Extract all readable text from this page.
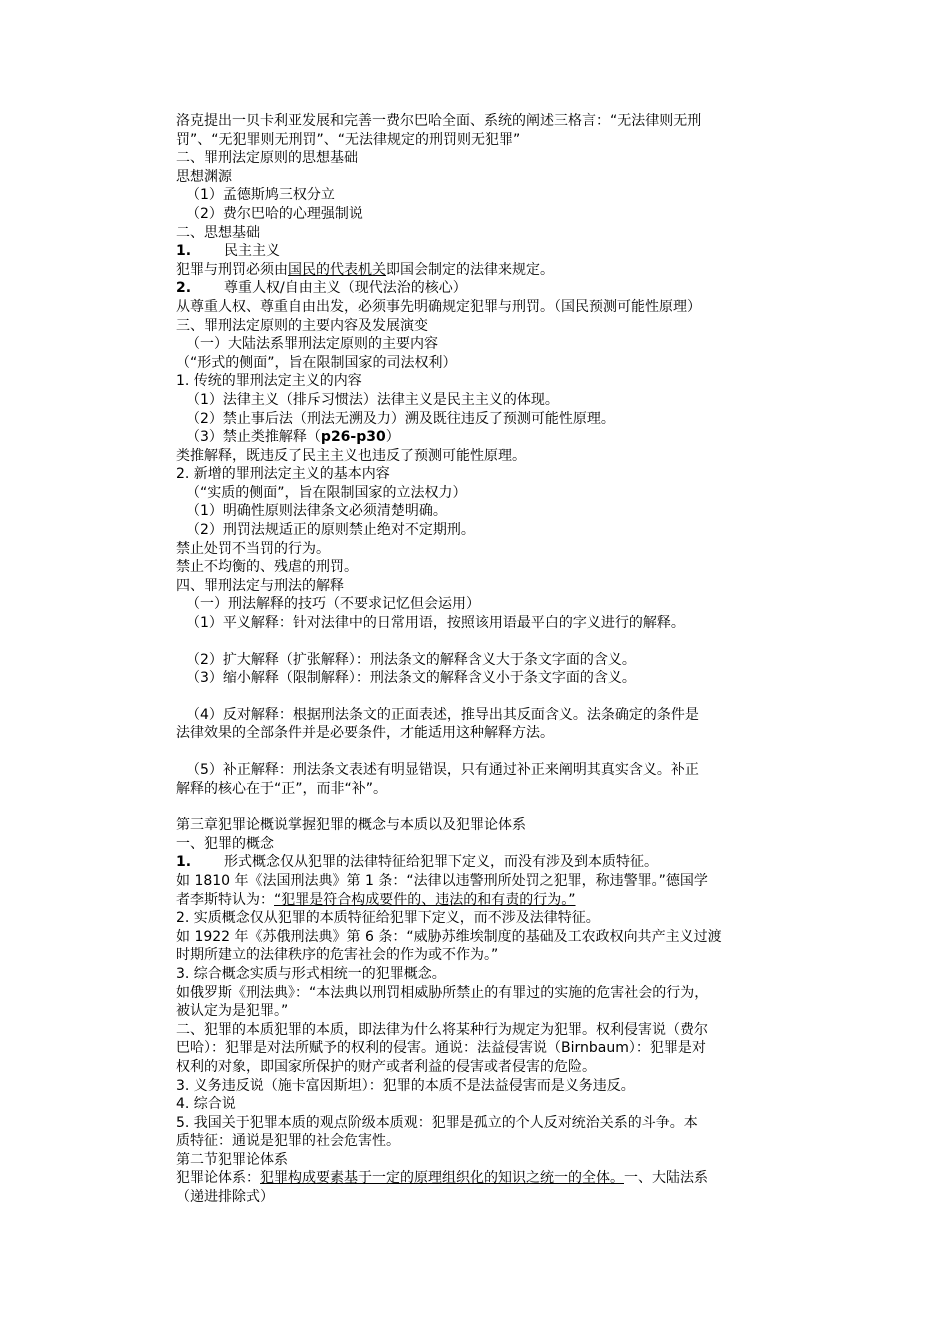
洛克提出一贝卡利亚发展和完善一费尔巴哈全面、系统的阐述三格言：“无法律则无刑
罚”、“无犯罪则无刑罚”、“无法律规定的刑罚则无犯罪”
二、罪刑法定原则的思想基础
思想渊源
（1）孟德斯鸠三权分立
（2）费尔巴哈的心理强制说
二、思想基础
1. 民主主义
犯罪与刑罚必须由国民的代表机关即国会制定的法律来规定。
2. 尊重人权/自由主义（现代法治的核心）
从尊重人权、尊重自由出发，必须事先明确规定犯罪与刑罚。（国民预测可能性原理）
三、罪刑法定原则的主要内容及发展演变
（一）大陆法系罪刑法定原则的主要内容
（“形式的侧面”，旨在限制国家的司法权利）
1. 传统的罪刑法定主义的内容
（1）法律主义（排斥习惯法）法律主义是民主主义的体现。
（2）禁止事后法（刑法无溯及力）溯及既往违反了预测可能性原理。
（3）禁止类推解释（p26-p30）
类推解释，既违反了民主主义也违反了预测可能性原理。
2. 新增的罪刑法定主义的基本内容
（“实质的侧面”，旨在限制国家的立法权力）
（1）明确性原则法律条文必须清楚明确。
（2）刑罚法规适正的原则禁止绝对不定期刑。
禁止处罚不当罚的行为。
禁止不均衡的、残虐的刑罚。
四、罪刑法定与刑法的解释
（一）刑法解释的技巧（不要求记忆但会运用）
（1）平义解释：针对法律中的日常用语，按照该用语最平白的字义进行的解释。
（2）扩大解释（扩张解释）：刑法条文的解释含义大于条文字面的含义。
（3）缩小解释（限制解释）：刑法条文的解释含义小于条文字面的含义。
（4）反对解释：根据刑法条文的正面表述，推导出其反面含义。法条确定的条件是
法律效果的全部条件并是必要条件，才能适用这种解释方法。
（5）补正解释：刑法条文表述有明显错误，只有通过补正来阐明其真实含义。补正
解释的核心在于“正”，而非“补”。
第三章犯罪论概说掌握犯罪的概念与本质以及犯罪论体系
一、犯罪的概念
1. 形式概念仅从犯罪的法律特征给犯罪下定义，而没有涉及到本质特征。
如 1810 年《法国刑法典》第 1 条：“法律以违警刑所处罚之犯罪，称违警罪。”德国学
者李斯特认为：“犯罪是符合构成要件的、违法的和有责的行为。”
2. 实质概念仅从犯罪的本质特征给犯罪下定义，而不涉及法律特征。
如 1922 年《苏俄刑法典》第 6 条：“威胁苏维埃制度的基础及工农政权向共产主义过渡
时期所建立的法律秩序的危害社会的作为或不作为。”
3. 综合概念实质与形式相统一的犯罪概念。
如俄罗斯《刑法典》：“本法典以刑罚相威胁所禁止的有罪过的实施的危害社会的行为，
被认定为是犯罪。”
二、犯罪的本质犯罪的本质，即法律为什么将某种行为规定为犯罪。权利侵害说（费尔
巴哈）：犯罪是对法所赋予的权利的侵害。通说：法益侵害说（Birnbaum）：犯罪是对
权利的对象，即国家所保护的财产或者利益的侵害或者侵害的危险。
3. 义务违反说（施卡富因斯坦）：犯罪的本质不是法益侵害而是义务违反。
4. 综合说
5. 我国关于犯罪本质的观点阶级本质观：犯罪是孤立的个人反对统治关系的斗争。本
质特征：通说是犯罪的社会危害性。
第二节犯罪论体系
犯罪论体系：犯罪构成要素基于一定的原理组织化的知识之统一的全体。一、大陆法系
（递进排除式）
